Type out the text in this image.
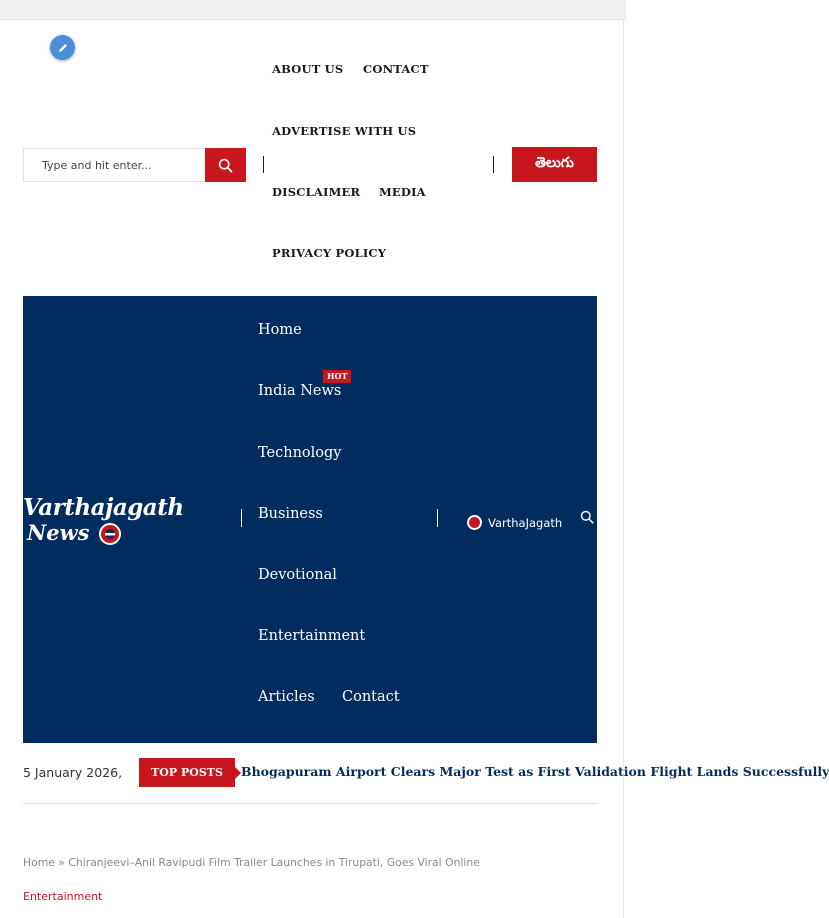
ABOUT US CONTACT
ADVERTISE WITH US
DISCLAIMER MEDIA
PRIVACY POLICY
Type and hit enter...
తెలుగు
Varthajagath
News
Home
India News
HOT
Technology
Business
Devotional
Entertainment
Articles Contact
VarthaJagath
5 January 2026,	TOP POSTS	Bhogapuram Airport Clears Major Test as First Validation Flight Lands Successfully
Home » Chiranjeevi–Anil Ravipudi Film Trailer Launches in Tirupati, Goes Viral Online
Entertainment
